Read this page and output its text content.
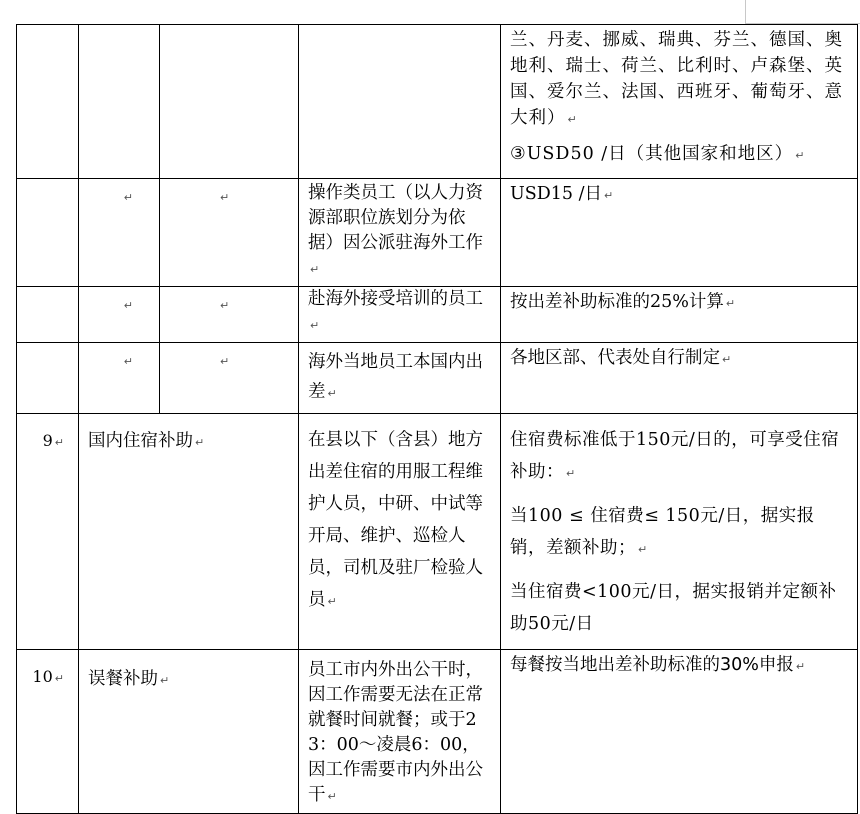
				兰、丹麦、挪威、瑞典、芬兰、德国、奥地利、瑞士、荷兰、比利时、卢森堡、英国、爱尔兰、法国、西班牙、葡萄牙、意大利） ↵

③USD50 /日（其他国家和地区） ↵

	↵	↵	操作类员工（以人力资源部职位族划分为依据）因公派驻海外工作↵	USD15 /日 ↵

	↵	↵	赴海外接受培训的员工↵	按出差补助标准的25%计算 ↵

	↵	↵	海外当地员工本国内出差 ↵	各地区部、代表处自行制定 ↵

9 ↵	国内住宿补助 ↵		在县以下（含县）地方出差住宿的用服工程维护人员，中研、中试等开局、维护、巡检人员，司机及驻厂检验人员 ↵	住宿费标准低于150元/日的，可享受住宿补助： ↵

当100 ≤ 住宿费≤ 150元/日，据实报销，差额补助； ↵

当住宿费<100元/日，据实报销并定额补助50元/日

10 ↵	误餐补助 ↵		员工市内外出公干时，因工作需要无法在正常就餐时间就餐；或于23：00～凌晨6：00，因工作需要市内外出公干 ↵	每餐按当地出差补助标准的30%申报 ↵
